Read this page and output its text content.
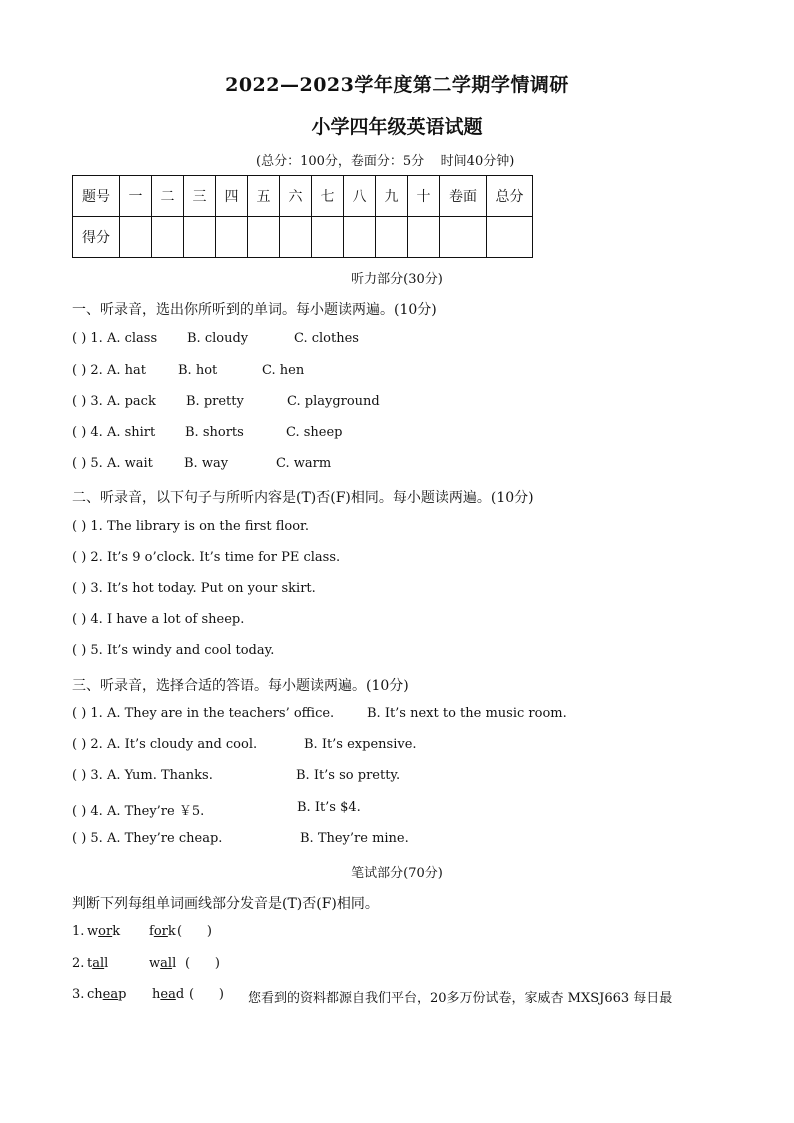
2022—2023学年度第二学期学情调研
小学四年级英语试题
(总分：100分，卷面分：5分    时间40分钟)
题号	一	二	三	四	五	六	七	八	九	十	卷面	总分
得分												
听力部分(30分)
一、听录音，选出你所听到的单词。每小题读两遍。(10分)
( ) 1. A. class B. cloudy	C. clothes
( ) 2. A. hat B. hot	C. hen
( ) 3. A. pack B. pretty	C. playground
( ) 4. A. shirt B. shorts	C. sheep
( ) 5. A. wait B. way	C. warm
二、听录音，以下句子与所听内容是(T)否(F)相同。每小题读两遍。(10分)
( ) 1. The library is on the first floor.
( ) 2. It’s 9 o’clock. It’s time for PE class.
( ) 3. It’s hot today. Put on your skirt.
( ) 4. I have a lot of sheep.
( ) 5. It’s windy and cool today.
三、听录音，选择合适的答语。每小题读两遍。(10分)
( ) 1. A. They are in the teachers’ office.	B. It’s next to the music room.
( ) 2. A. It’s cloudy and cool.	B. It’s expensive.
( ) 3. A. Yum. Thanks.	B. It’s so pretty.
( ) 4. A. They’re ￥5.	B. It’s $4.
( ) 5. A. They’re cheap.	B. They’re mine.
笔试部分(70分)
判断下列每组单词画线部分发音是(T)否(F)相同。
1. work fork (      )
2. tall	wall (      )
3. cheap head (      ) 您看到的资料都源自我们平台，20多万份试卷，家威杏 MXSJ663 每日最
